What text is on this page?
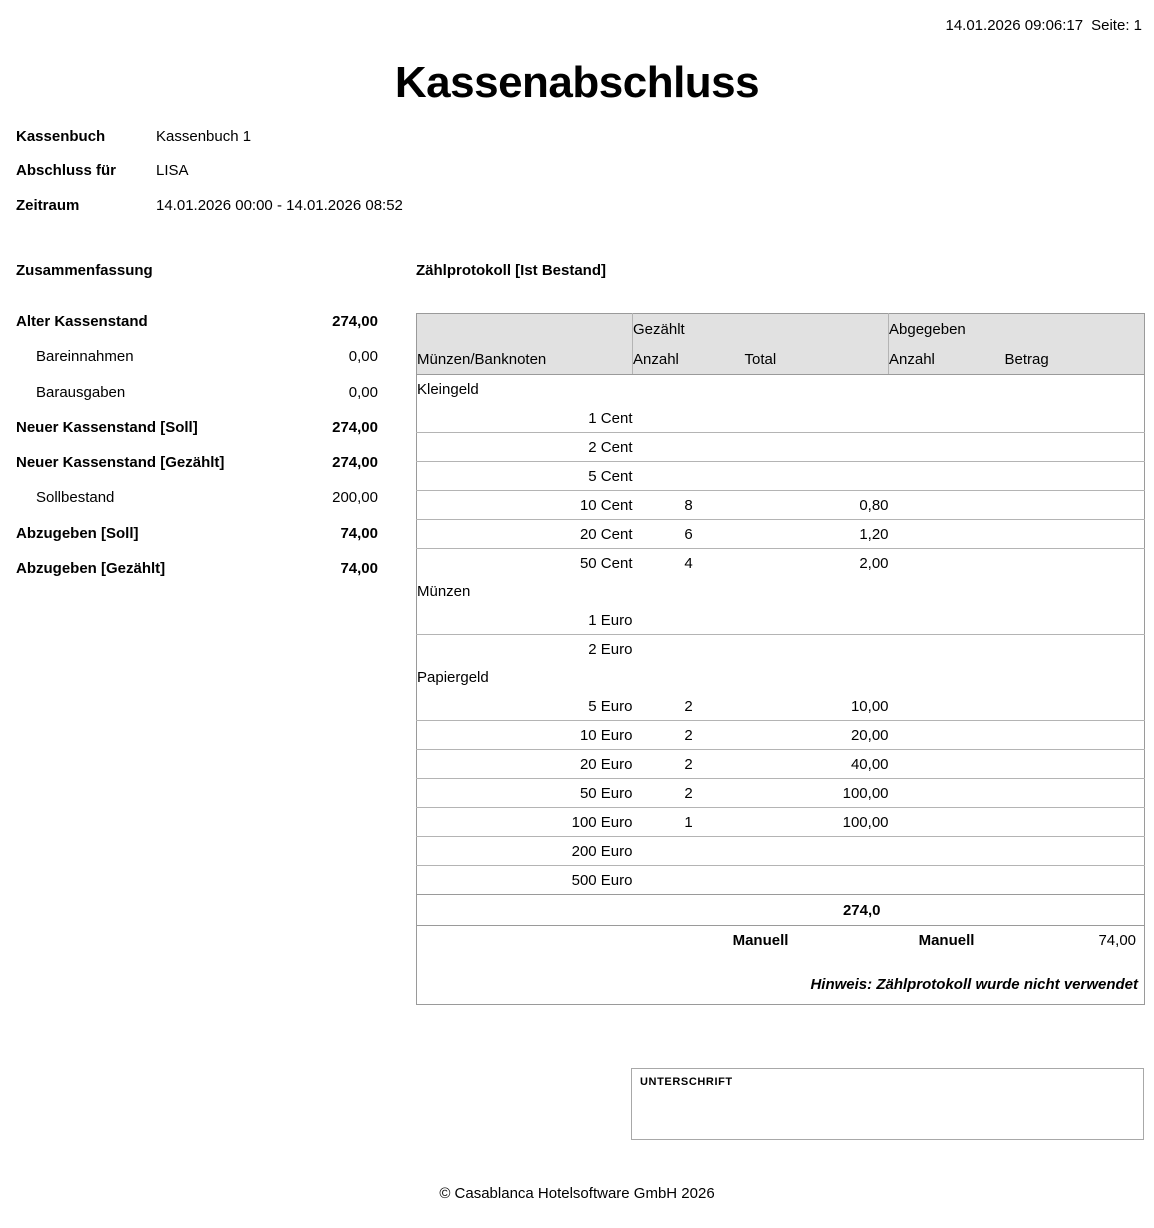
14.01.2026 09:06:17 Seite: 1
Kassenabschluss
Kassenbuch	Kassenbuch 1
Abschluss für	LISA
Zeitraum	14.01.2026 00:00 - 14.01.2026 08:52
Zusammenfassung
Alter Kassenstand	274,00
Bareinnahmen	0,00
Barausgaben	0,00
Neuer Kassenstand [Soll]	274,00
Neuer Kassenstand [Gezählt]	274,00
Sollbestand	200,00
Abzugeben [Soll]	74,00
Abzugeben [Gezählt]	74,00
Zählprotokoll [Ist Bestand]
	Gezählt		Abgegeben	
Münzen/Banknoten	Anzahl	Total	Anzahl	Betrag
Kleingeld				
1 Cent				
2 Cent				
5 Cent				
10 Cent	8	0,80		
20 Cent	6	1,20		
50 Cent	4	2,00		
Münzen				
1 Euro				
2 Euro				
Papiergeld				
5 Euro	2	10,00		
10 Euro	2	20,00		
20 Euro	2	40,00		
50 Euro	2	100,00		
100 Euro	1	100,00		
200 Euro				
500 Euro				
		274,0		
	Manuell		Manuell	74,00
Hinweis: Zählprotokoll wurde nicht verwendet				
UNTERSCHRIFT
© Casablanca Hotelsoftware GmbH 2026
